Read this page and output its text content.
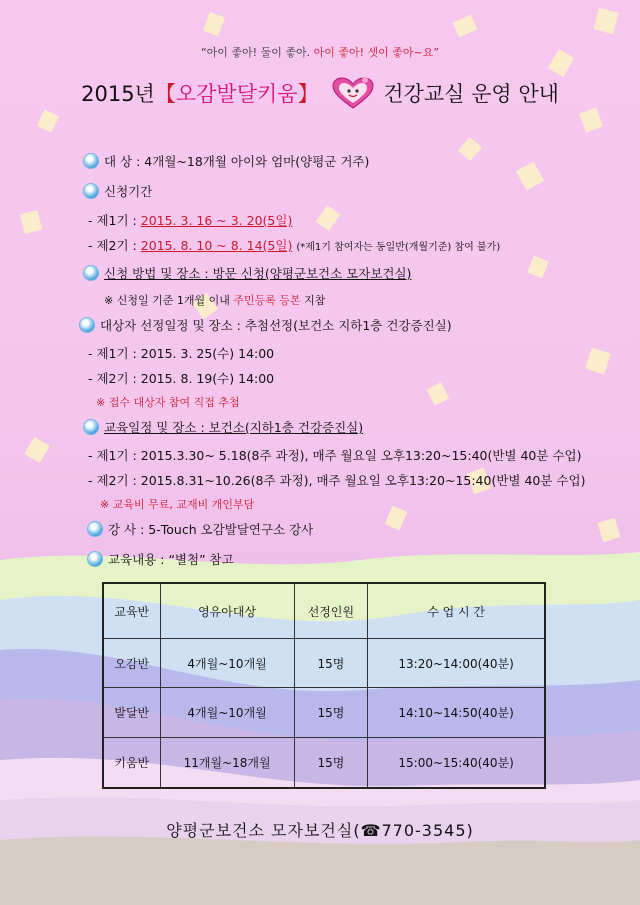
“아이 좋아! 둘이 좋아. 아이 좋아! 셋이 좋아~요”
2015년【오감발달키움】	건강교실 운영 안내
대 상 : 4개월~18개월 아이와 엄마(양평군 거주)
신청기간
- 제1기 : 2015. 3. 16 ~ 3. 20(5일)
- 제2기 : 2015. 8. 10 ~ 8. 14(5일) (*제1기 참여자는 동일반(개월기준) 참여 불가)
신청 방법 및 장소 : 방문 신청(양평군보건소 모자보건실)
※ 신청일 기준 1개월 이내 주민등록 등본 지참
대상자 선정일정 및 장소 : 추첨선정(보건소 지하1층 건강증진실)
- 제1기 : 2015. 3. 25(수) 14:00
- 제2기 : 2015. 8. 19(수) 14:00
※ 접수 대상자 참여 직접 추첨
교육일정 및 장소 : 보건소(지하1층 건강증진실)
- 제1기 : 2015.3.30~ 5.18(8주 과정), 매주 월요일 오후13:20~15:40(반별 40분 수업)
- 제2기 : 2015.8.31~10.26(8주 과정), 매주 월요일 오후13:20~15:40(반별 40분 수업)
※ 교육비 무료, 교재비 개인부담
강 사 : 5-Touch 오감발달연구소 강사
교육내용 : “별첨” 참고
교육반	영유아대상	선정인원	수 업 시 간
오감반	4개월~10개월	15명	13:20~14:00(40분)
발달반	4개월~10개월	15명	14:10~14:50(40분)
키움반	11개월~18개월	15명	15:00~15:40(40분)
양평군보건소 모자보건실(☎770-3545)
